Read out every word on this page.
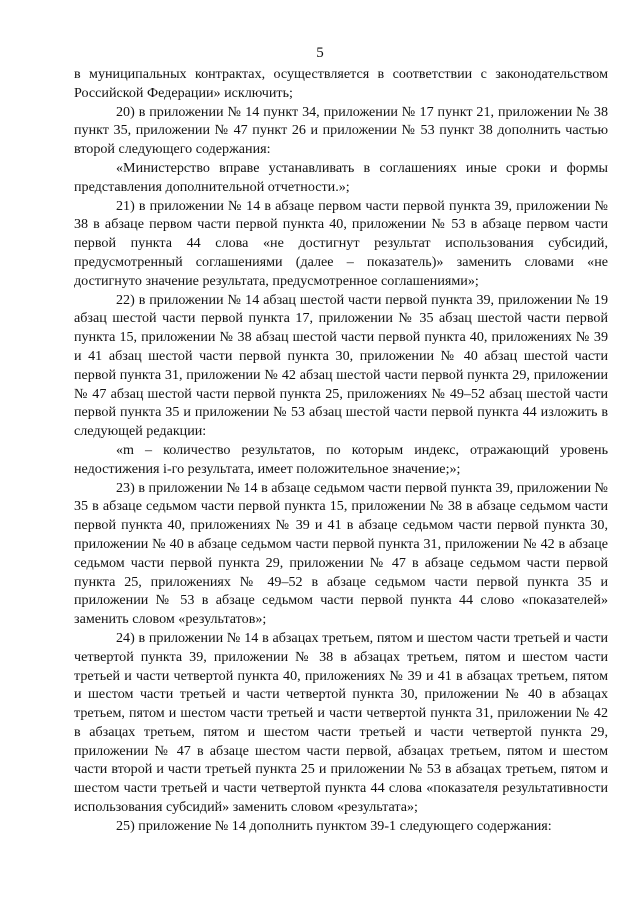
5

в муниципальных контрактах, осуществляется в соответствии с законодательством Российской Федерации» исключить;

20) в приложении № 14 пункт 34, приложении № 17 пункт 21, приложении № 38 пункт 35, приложении № 47 пункт 26 и приложении № 53 пункт 38 дополнить частью второй следующего содержания:

«Министерство вправе устанавливать в соглашениях иные сроки и формы представления дополнительной отчетности.»;

21) в приложении № 14 в абзаце первом части первой пункта 39, приложении № 38 в абзаце первом части первой пункта 40, приложении № 53 в абзаце первом части первой пункта 44 слова «не достигнут результат использования субсидий, предусмотренный соглашениями (далее – показатель)» заменить словами «не достигнуто значение результата, предусмотренное соглашениями»;

22) в приложении № 14 абзац шестой части первой пункта 39, приложении № 19 абзац шестой части первой пункта 17, приложении № 35 абзац шестой части первой пункта 15, приложении № 38 абзац шестой части первой пункта 40, приложениях № 39 и 41 абзац шестой части первой пункта 30, приложении № 40 абзац шестой части первой пункта 31, приложении № 42 абзац шестой части первой пункта 29, приложении № 47 абзац шестой части первой пункта 25, приложениях № 49–52 абзац шестой части первой пункта 35 и приложении № 53 абзац шестой части первой пункта 44 изложить в следующей редакции:

«m – количество результатов, по которым индекс, отражающий уровень недостижения i-го результата, имеет положительное значение;»;

23) в приложении № 14 в абзаце седьмом части первой пункта 39, приложении № 35 в абзаце седьмом части первой пункта 15, приложении № 38 в абзаце седьмом части первой пункта 40, приложениях № 39 и 41 в абзаце седьмом части первой пункта 30, приложении № 40 в абзаце седьмом части первой пункта 31, приложении № 42 в абзаце седьмом части первой пункта 29, приложении № 47 в абзаце седьмом части первой пункта 25, приложениях № 49–52 в абзаце седьмом части первой пункта 35 и приложении № 53 в абзаце седьмом части первой пункта 44 слово «показателей» заменить словом «результатов»;

24) в приложении № 14 в абзацах третьем, пятом и шестом части третьей и части четвертой пункта 39, приложении № 38 в абзацах третьем, пятом и шестом части третьей и части четвертой пункта 40, приложениях № 39 и 41 в абзацах третьем, пятом и шестом части третьей и части четвертой пункта 30, приложении № 40 в абзацах третьем, пятом и шестом части третьей и части четвертой пункта 31, приложении № 42 в абзацах третьем, пятом и шестом части третьей и части четвертой пункта 29, приложении № 47 в абзаце шестом части первой, абзацах третьем, пятом и шестом части второй и части третьей пункта 25 и приложении № 53 в абзацах третьем, пятом и шестом части третьей и части четвертой пункта 44 слова «показателя результативности использования субсидий» заменить словом «результата»;

25) приложение № 14 дополнить пунктом 39-1 следующего содержания:
